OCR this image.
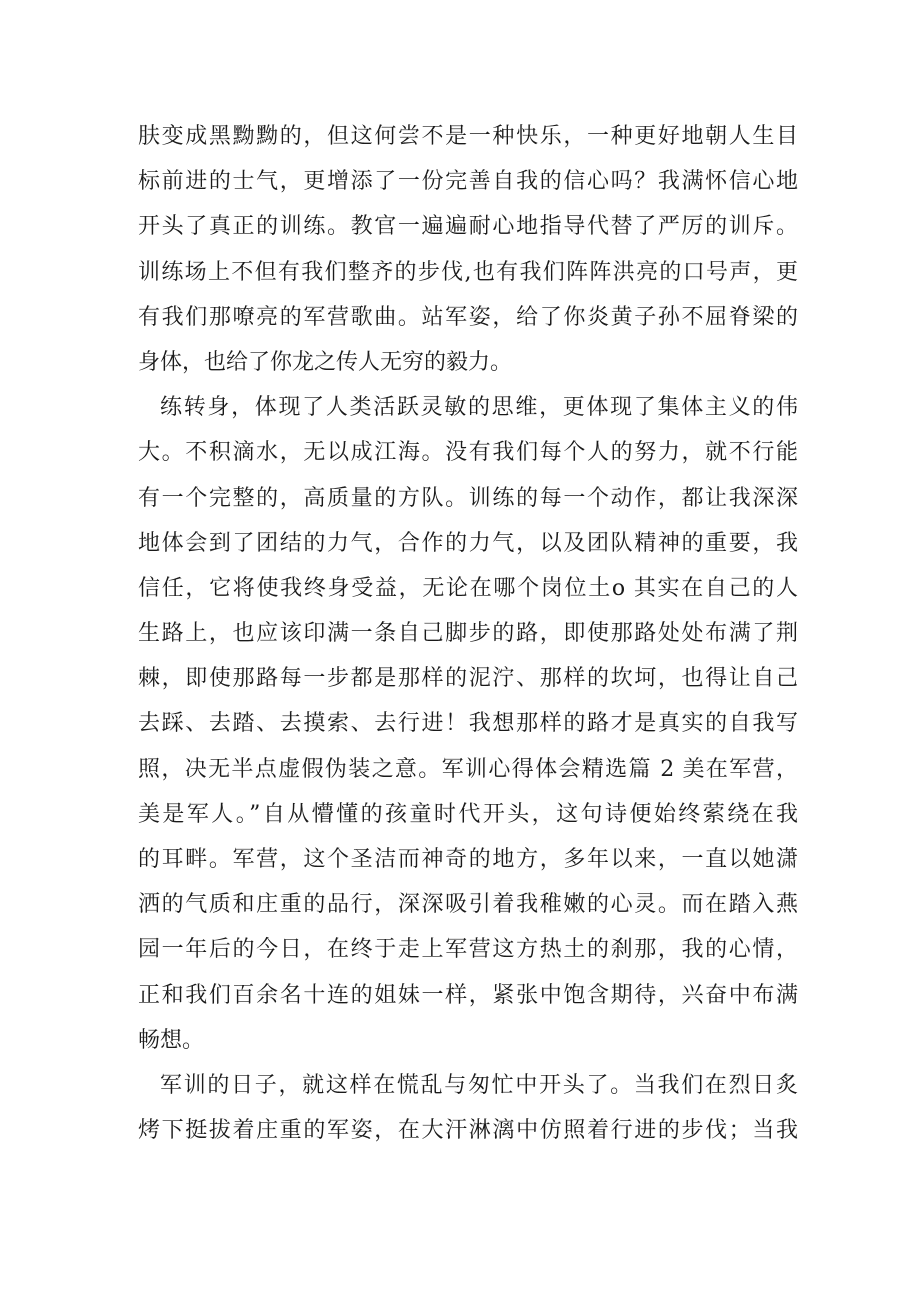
肤变成黑黝黝的，但这何尝不是一种快乐，一种更好地朝人生目
标前进的士气，更增添了一份完善自我的信心吗？我满怀信心地
开头了真正的训练。教官一遍遍耐心地指导代替了严厉的训斥。
训练场上不但有我们整齐的步伐,也有我们阵阵洪亮的口号声，更
有我们那嘹亮的军营歌曲。站军姿，给了你炎黄子孙不屈脊梁的
身体，也给了你龙之传人无穷的毅力。
练转身，体现了人类活跃灵敏的思维，更体现了集体主义的伟
大。不积滴水，无以成江海。没有我们每个人的努力，就不行能
有一个完整的，高质量的方队。训练的每一个动作，都让我深深
地体会到了团结的力气，合作的力气，以及团队精神的重要，我
信任，它将使我终身受益，无论在哪个岗位土o 其实在自己的人
生路上，也应该印满一条自己脚步的路，即使那路处处布满了荆
棘，即使那路每一步都是那样的泥泞、那样的坎坷，也得让自己
去踩、去踏、去摸索、去行进！我想那样的路才是真实的自我写
照，决无半点虚假伪装之意。军训心得体会精选篇 2 美在军营，
美是军人。”自从懵懂的孩童时代开头，这句诗便始终萦绕在我
的耳畔。军营，这个圣洁而神奇的地方，多年以来，一直以她潇
洒的气质和庄重的品行，深深吸引着我稚嫩的心灵。而在踏入燕
园一年后的今日，在终于走上军营这方热土的刹那，我的心情，
正和我们百余名十连的姐妹一样，紧张中饱含期待，兴奋中布满
畅想。
军训的日子，就这样在慌乱与匆忙中开头了。当我们在烈日炙
烤下挺拔着庄重的军姿，在大汗淋漓中仿照着行进的步伐；当我
